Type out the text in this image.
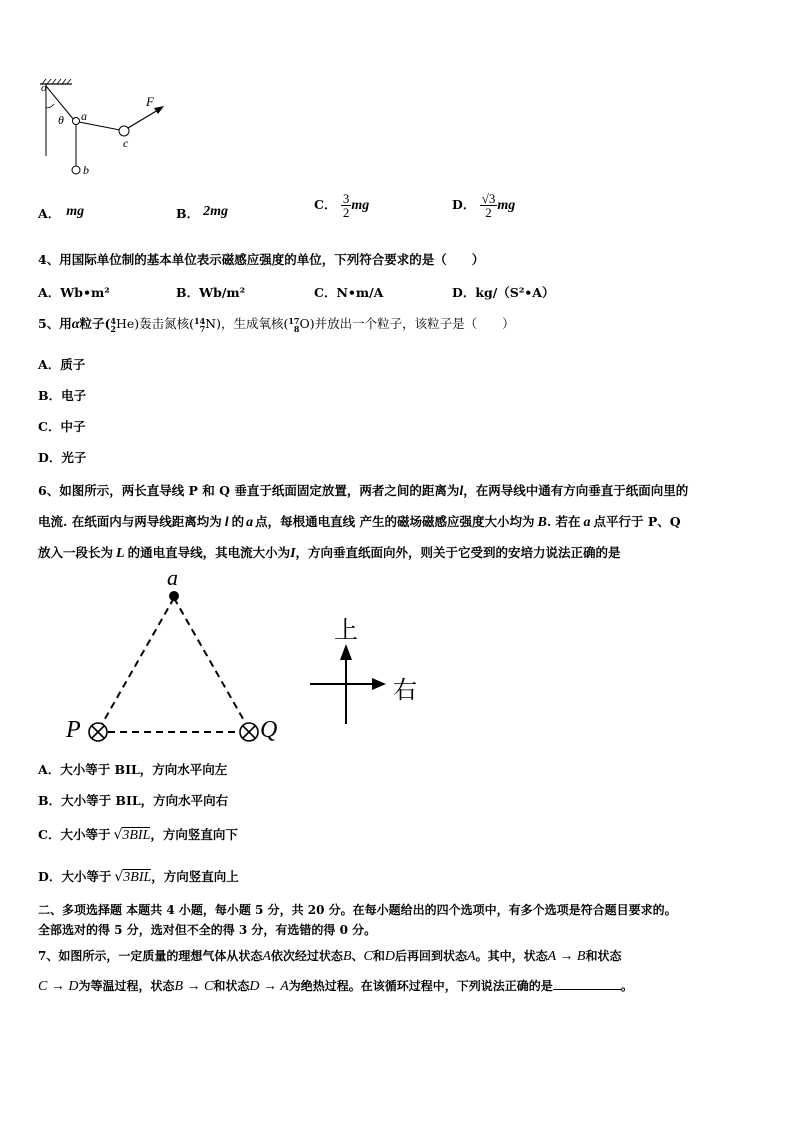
o
θ a
b
c
F
A． mg	B． 2mg	C． $\frac{3}{2}$ mg	D． $\frac{√3}{2}$ mg
4、用国际单位制的基本单位表示磁感应强度的单位，下列符合要求的是（　　）
A．Wb•m²	B．Wb/m²	C．N•m/A	D．kg/（S²•A）
5、用α粒子( 4
2 He)轰击氮核( 14
7 N)，生成氧核( 17
8 O)并放出一个粒子，该粒子是（　　）
A．质子
B．电子
C．中子
D．光子
6、如图所示，两长直导线 P 和 Q 垂直于纸面固定放置，两者之间的距离为l，在两导线中通有方向垂直于纸面向里的
电流. 在纸面内与两导线距离均为 l 的 a 点，每根通电直线 产生的磁场磁感应强度大小均为 B. 若在 a 点平行于 P、Q
放入一段长为 L 的通电直导线，其电流大小为I，方向垂直纸面向外，则关于它受到的安培力说法正确的是
a
P	Q
上
右
A．大小等于 BIL，方向水平向左
B．大小等于 BIL，方向水平向右
C．大小等于 √3BIL，方向竖直向下
D．大小等于 √3BIL，方向竖直向上
二、多项选择题 本题共 4 小题，每小题 5 分，共 20 分。在每小题给出的四个选项中，有多个选项是符合题目要求的。
全部选对的得 5 分，选对但不全的得 3 分，有选错的得 0 分。
7、如图所示，一定质量的理想气体从状态A依次经过状态B、C和D后再回到状态A。其中，状态A → B和状态
C → D为等温过程，状态B → C和状态D → A为绝热过程。在该循环过程中，下列说法正确的是	。
